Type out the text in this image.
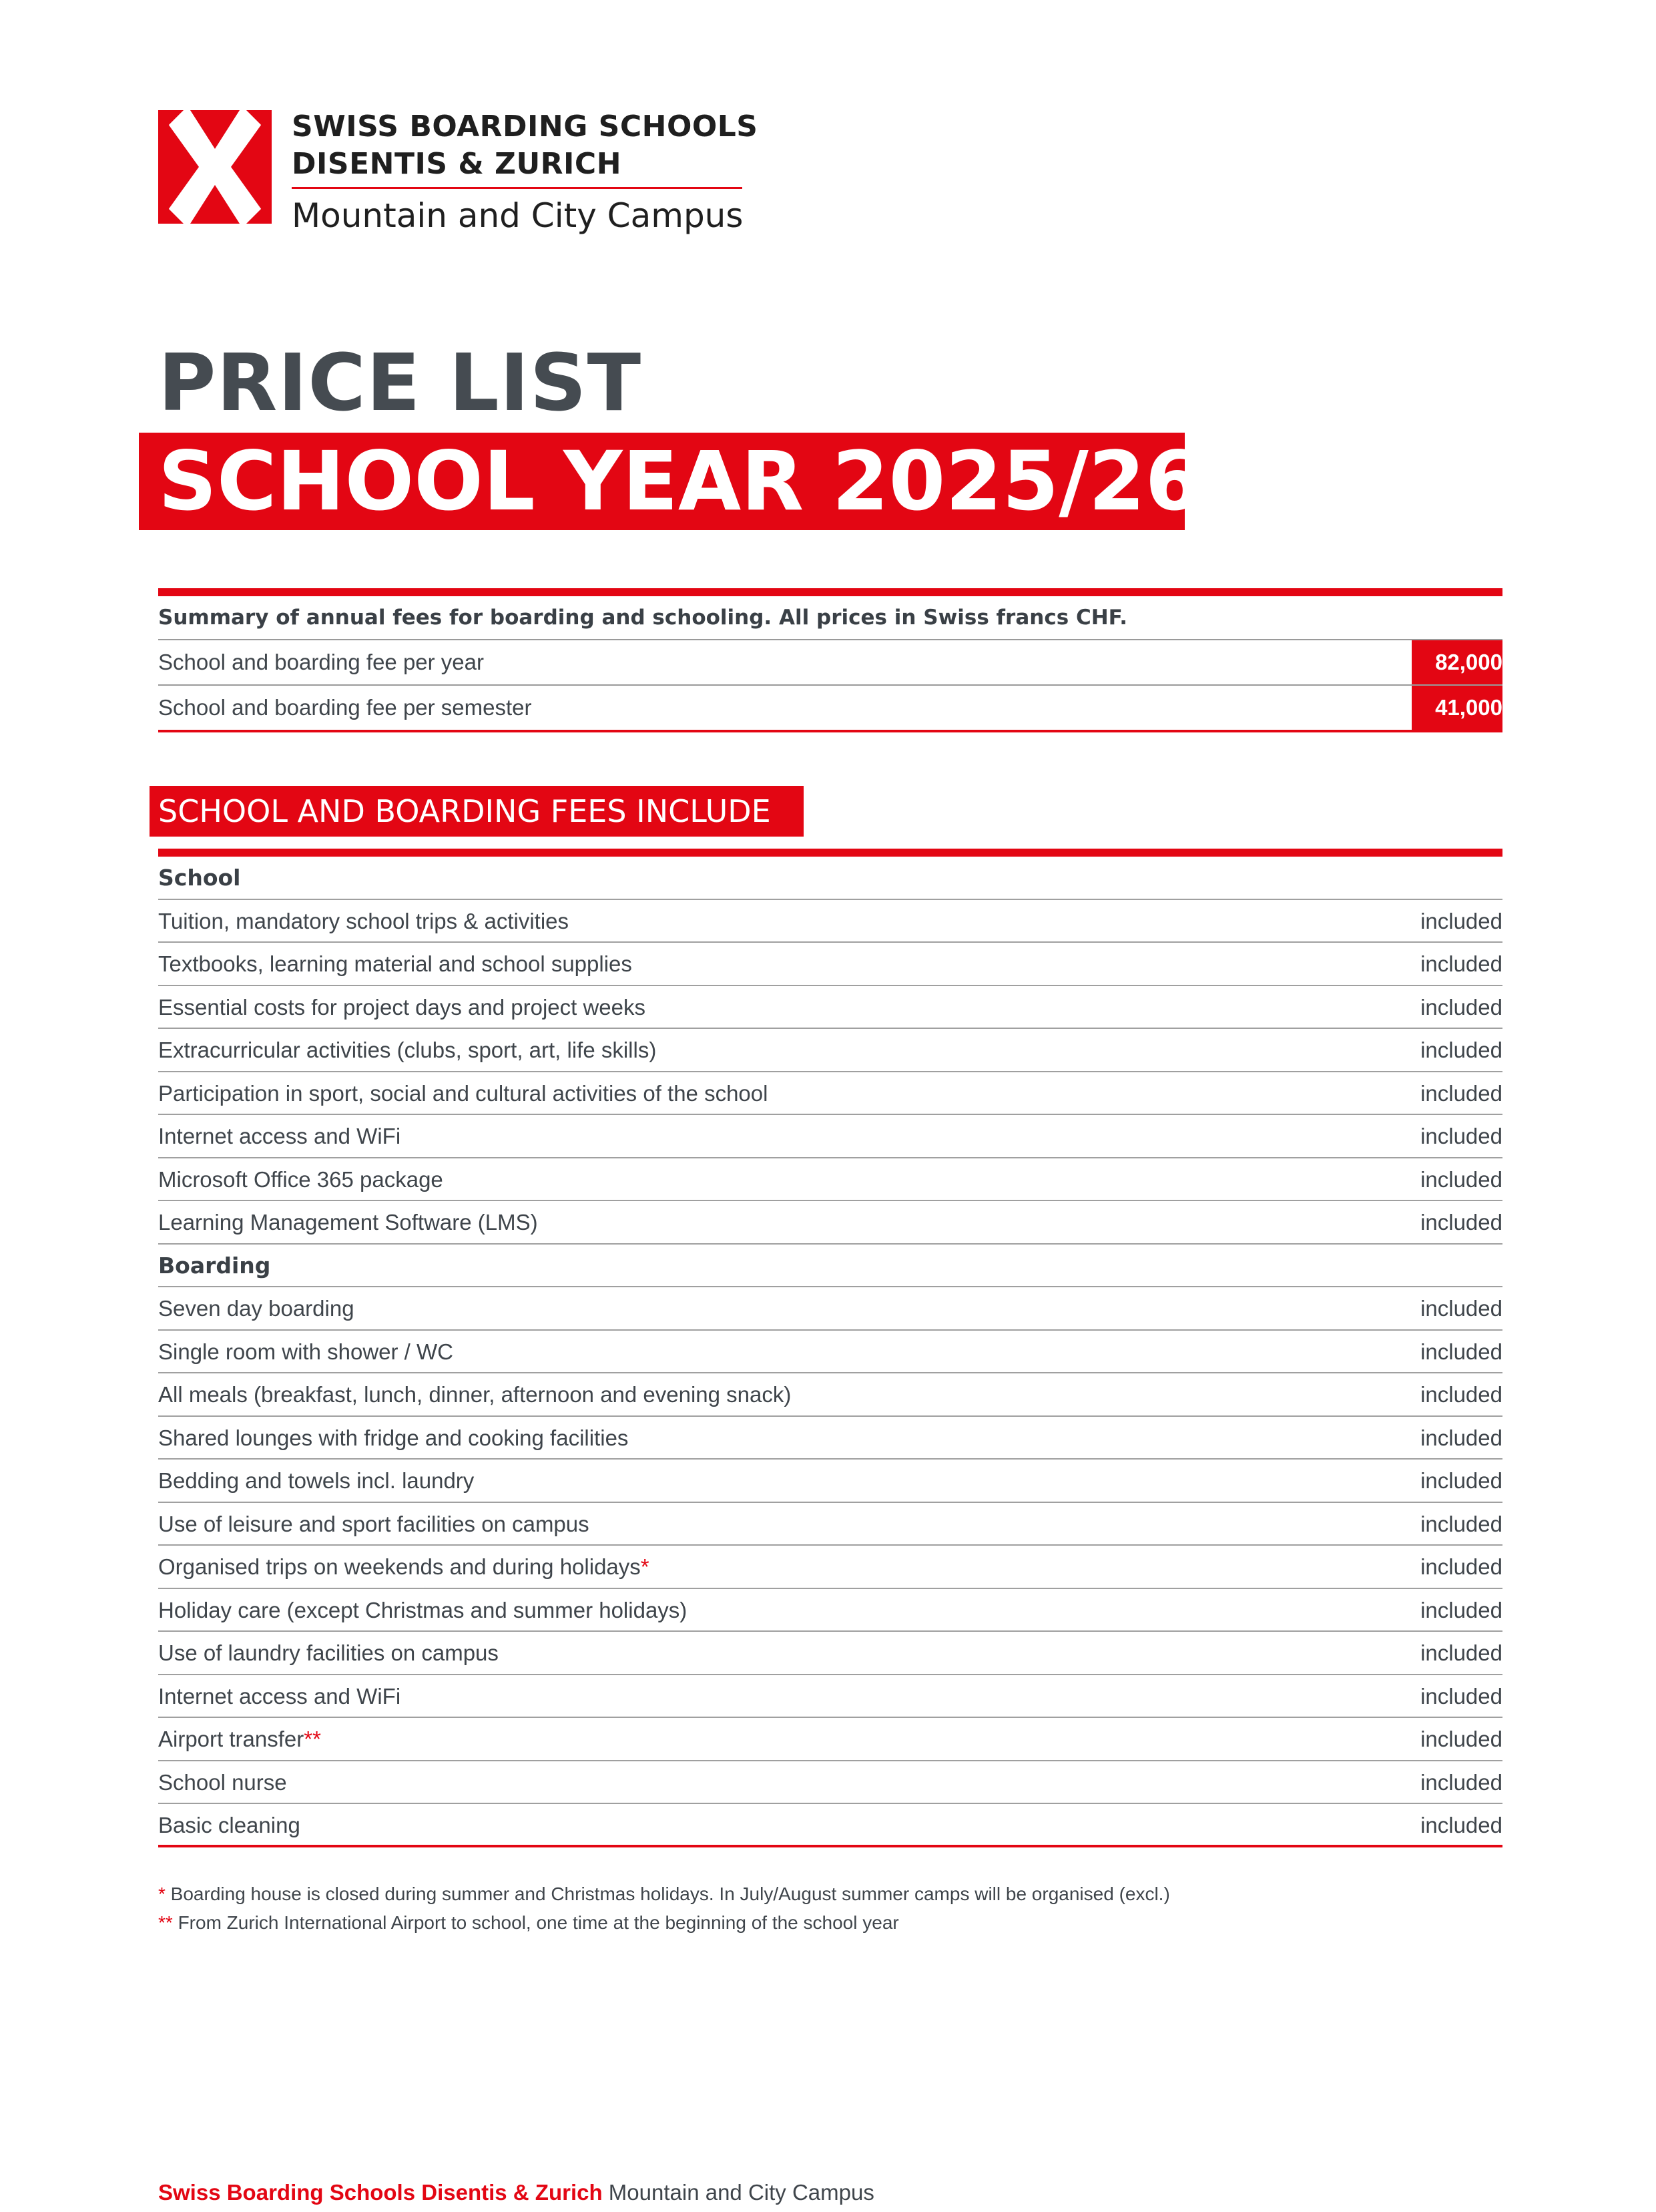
SWISS BOARDING SCHOOLS
DISENTIS & ZURICH
Mountain and City Campus
PRICE LIST
SCHOOL YEAR 2025/26
Summary of annual fees for boarding and schooling. All prices in Swiss francs CHF.
School and boarding fee per year	82,000
School and boarding fee per semester	41,000
SCHOOL AND BOARDING FEES INCLUDE
School
Tuition, mandatory school trips & activities	included
Textbooks, learning material and school supplies	included
Essential costs for project days and project weeks	included
Extracurricular activities (clubs, sport, art, life skills)	included
Participation in sport, social and cultural activities of the school	included
Internet access and WiFi	included
Microsoft Office 365 package	included
Learning Management Software (LMS)	included
Boarding
Seven day boarding	included
Single room with shower / WC	included
All meals (breakfast, lunch, dinner, afternoon and evening snack)	included
Shared lounges with fridge and cooking facilities	included
Bedding and towels incl. laundry	included
Use of leisure and sport facilities on campus	included
Organised trips on weekends and during holidays*	included
Holiday care (except Christmas and summer holidays)	included
Use of laundry facilities on campus	included
Internet access and WiFi	included
Airport transfer**	included
School nurse	included
Basic cleaning	included
* Boarding house is closed during summer and Christmas holidays. In July/August summer camps will be organised (excl.)
** From Zurich International Airport to school, one time at the beginning of the school year
Swiss Boarding Schools Disentis & Zurich Mountain and City Campus
